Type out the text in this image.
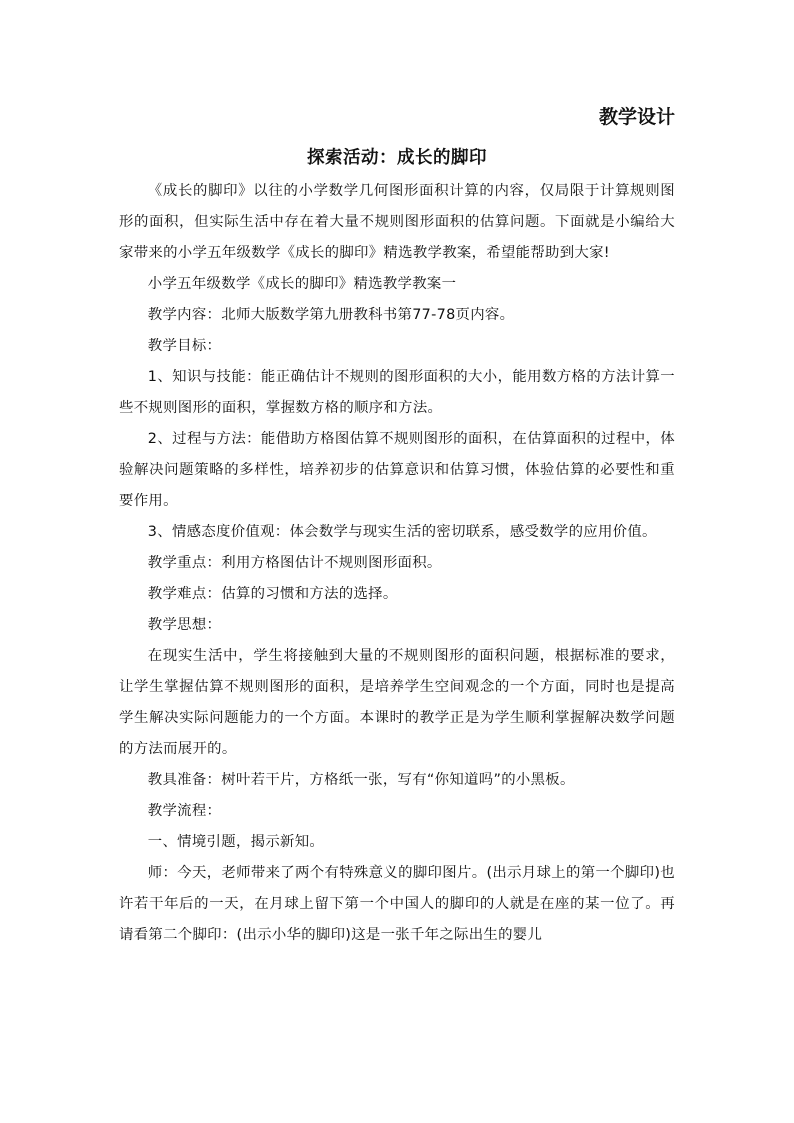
教学设计

探索活动：成长的脚印

《成长的脚印》以往的小学数学几何图形面积计算的内容，仅局限于计算规则图形的面积，但实际生活中存在着大量不规则图形面积的估算问题。下面就是小编给大家带来的小学五年级数学《成长的脚印》精选教学教案，希望能帮助到大家!

小学五年级数学《成长的脚印》精选教学教案一

教学内容：北师大版数学第九册教科书第77-78页内容。

教学目标：

1、知识与技能：能正确估计不规则的图形面积的大小，能用数方格的方法计算一些不规则图形的面积，掌握数方格的顺序和方法。

2、过程与方法：能借助方格图估算不规则图形的面积，在估算面积的过程中，体验解决问题策略的多样性，培养初步的估算意识和估算习惯，体验估算的必要性和重要作用。

3、情感态度价值观：体会数学与现实生活的密切联系，感受数学的应用价值。

教学重点：利用方格图估计不规则图形面积。

教学难点：估算的习惯和方法的选择。

教学思想：

在现实生活中，学生将接触到大量的不规则图形的面积问题，根据标准的要求，让学生掌握估算不规则图形的面积，是培养学生空间观念的一个方面，同时也是提高学生解决实际问题能力的一个方面。本课时的教学正是为学生顺利掌握解决数学问题的方法而展开的。

教具准备：树叶若干片，方格纸一张，写有“你知道吗”的小黑板。

教学流程：

一、情境引题，揭示新知。

师：今天，老师带来了两个有特殊意义的脚印图片。(出示月球上的第一个脚印)也许若干年后的一天，在月球上留下第一个中国人的脚印的人就是在座的某一位了。再请看第二个脚印：(出示小华的脚印)这是一张千年之际出生的婴儿
